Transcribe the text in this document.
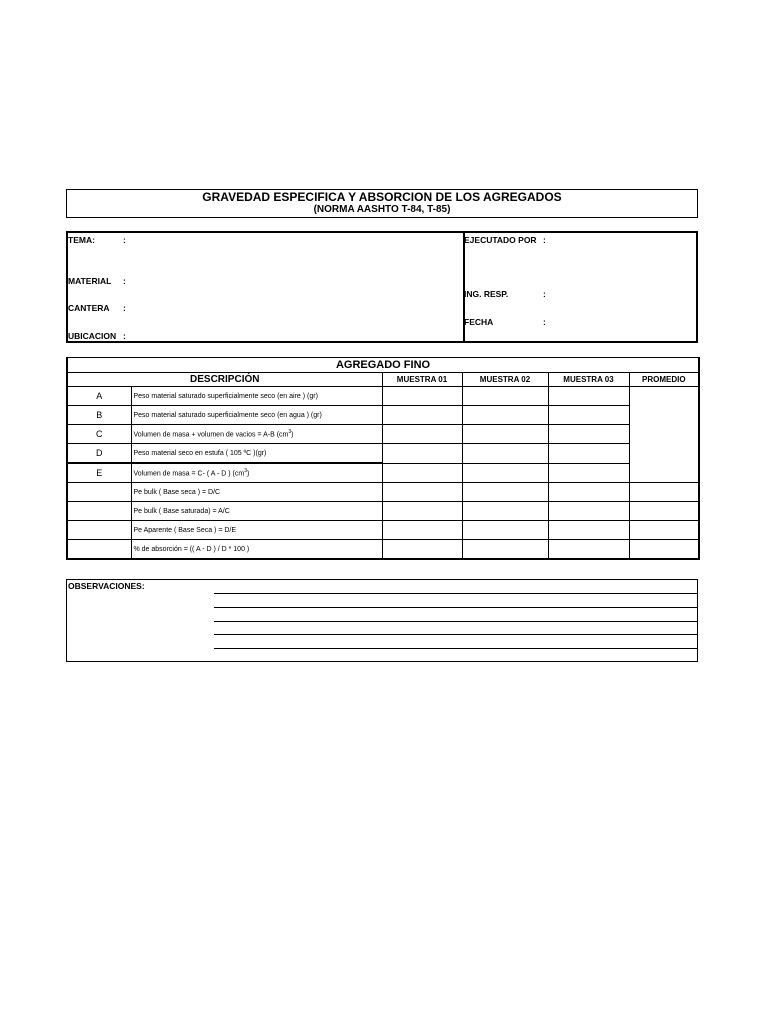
GRAVEDAD ESPECIFICA Y ABSORCION DE LOS AGREGADOS
(NORMA AASHTO T-84, T-85)
TEMA:	:
MATERIAL :
CANTERA :
UBICACION :
EJECUTADO POR :
ING. RESP.	:
FECHA	:
AGREGADO FINO					
DESCRIPCIÓN		MUESTRA 01	MUESTRA 02	MUESTRA 03	PROMEDIO
A	Peso material saturado superficialmente seco (en aire ) (gr)				
B	Peso material saturado superficialmente seco (en agua ) (gr)				
C	Volumen de masa + volumen de vacios = A-B $(cm^3)$				
D	Peso material seco en estufa ( 105 ºC )(gr)				
E	Volumen de masa = C- ( A - D ) $(cm^3)$				
	Pe bulk ( Base seca ) = D/C				
	Pe bulk ( Base saturada) = A/C				
	Pe Aparente ( Base Seca ) = D/E				
	% de absorción = (( A - D ) / D * 100 )				
OBSERVACIONES:
